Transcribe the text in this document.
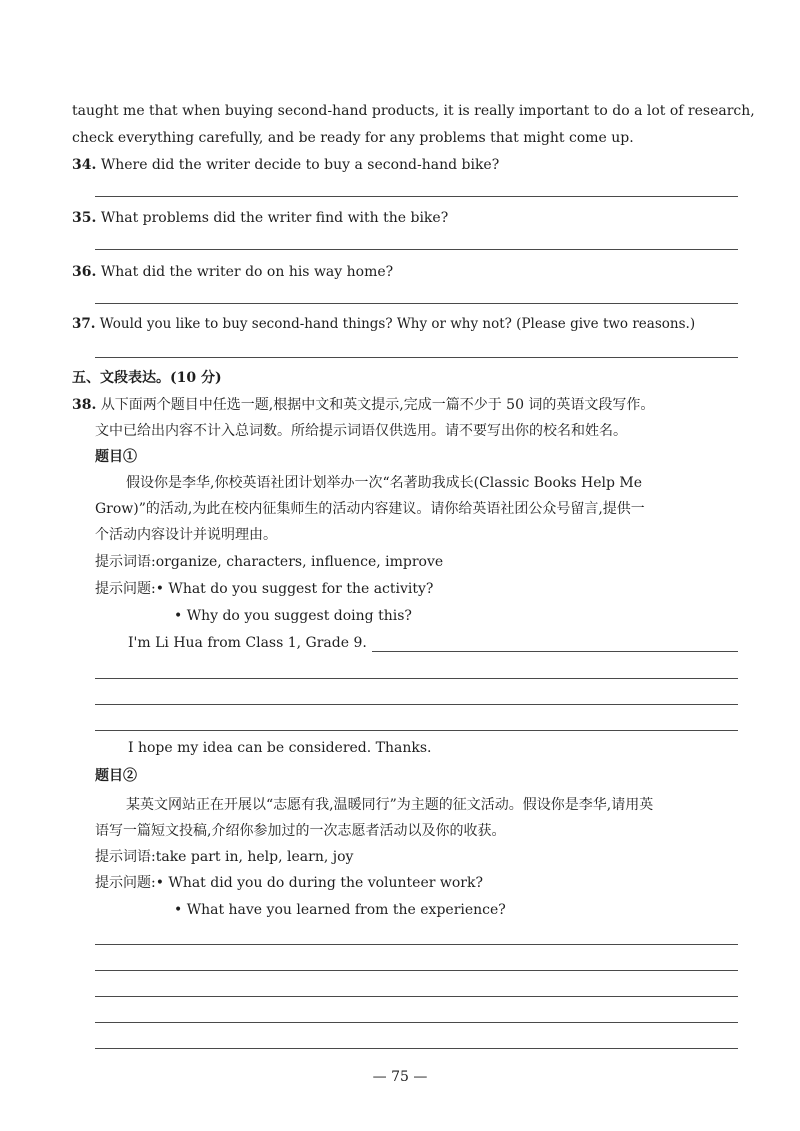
taught me that when buying second-hand products, it is really important to do a lot of research,
check everything carefully, and be ready for any problems that might come up.
34. Where did the writer decide to buy a second-hand bike?
35. What problems did the writer find with the bike?
36. What did the writer do on his way home?
37. Would you like to buy second-hand things? Why or why not? (Please give two reasons.)
五、文段表达。(10 分)
38. 从下面两个题目中任选一题,根据中文和英文提示,完成一篇不少于 50 词的英语文段写作。
文中已给出内容不计入总词数。所给提示词语仅供选用。请不要写出你的校名和姓名。
题目①
假设你是李华,你校英语社团计划举办一次“名著助我成长(Classic Books Help Me
Grow)”的活动,为此在校内征集师生的活动内容建议。请你给英语社团公众号留言,提供一
个活动内容设计并说明理由。
提示词语:organize, characters, influence, improve
提示问题:• What do you suggest for the activity?
• Why do you suggest doing this?
I'm Li Hua from Class 1, Grade 9.
I hope my idea can be considered. Thanks.
题目②
某英文网站正在开展以“志愿有我,温暖同行”为主题的征文活动。假设你是李华,请用英
语写一篇短文投稿,介绍你参加过的一次志愿者活动以及你的收获。
提示词语:take part in, help, learn, joy
提示问题:• What did you do during the volunteer work?
• What have you learned from the experience?
— 75 —
